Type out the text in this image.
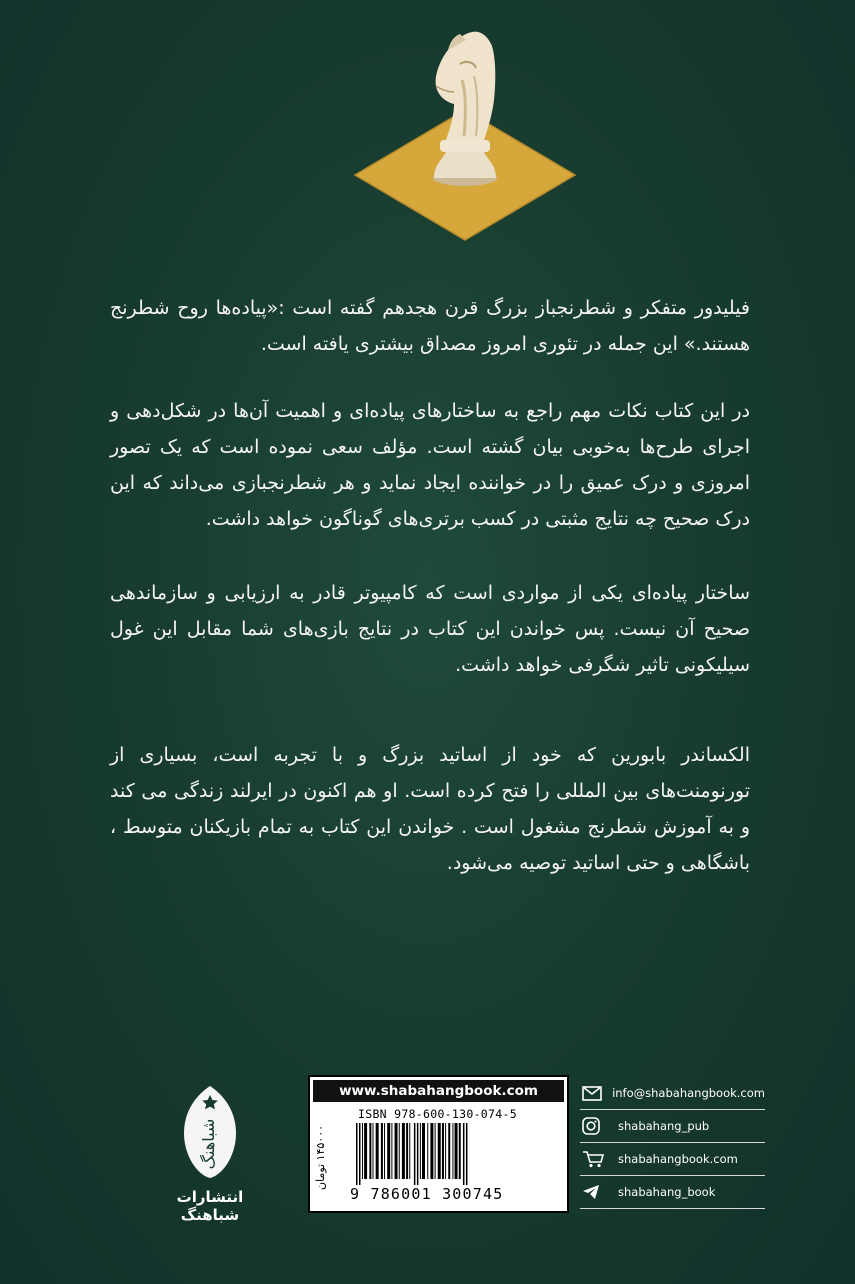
فیلیدور متفکر و شطرنجباز بزرگ قرن هجدهم گفته است :«پیاده‌ها روح شطرنج هستند.» این جمله در تئوری امروز مصداق بیشتری یافته است.

در این کتاب نکات مهم راجع به ساختارهای پیاده‌ای و اهمیت آن‌ها در شکل‌دهی و اجرای طرح‌ها به‌خوبی بیان گشته است. مؤلف سعی نموده است که یک تصور امروزی و درک عمیق را در خواننده ایجاد نماید و هر شطرنجبازی می‌داند که این درک صحیح چه نتایج مثبتی در کسب برتری‌های گوناگون خواهد داشت.

ساختار پیاده‌ای یکی از مواردی است که کامپیوتر قادر به ارزیابی و سازماندهی صحیح آن نیست. پس خواندن این کتاب در نتایج بازی‌های شما مقابل این غول سیلیکونی تاثیر شگرفی خواهد داشت.

الکساندر بابورین که خود از اساتید بزرگ و با تجربه است، بسیاری از تورنومنت‌های بین المللی را فتح کرده است. او هم اکنون در ایرلند زندگی می کند و به آموزش شطرنج مشغول است . خواندن این کتاب به تمام بازیکنان متوسط ، باشگاهی و حتی اساتید توصیه می‌شود.

شباهنگ
انتشارات شباهنگ
www.shabahangbook.com
۱۴۵۰۰۰ تومان
ISBN 978-600-130-074-5
9 786001 300745
info@shabahangbook.com
shabahang_pub
shabahangbook.com
shabahang_book
